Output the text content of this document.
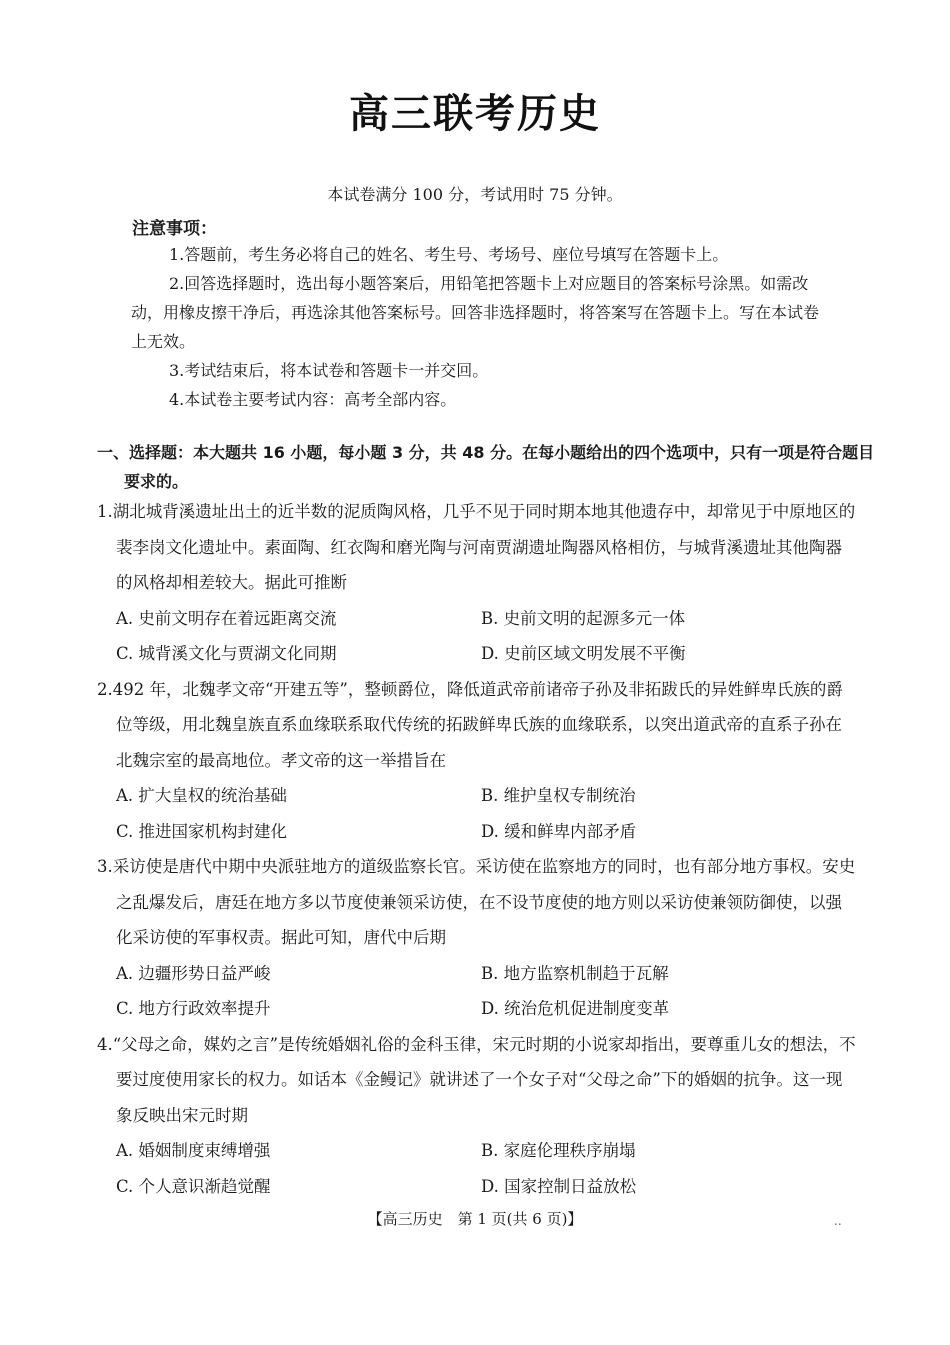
高三联考历史
本试卷满分 100 分，考试用时 75 分钟。
注意事项：
1.答题前，考生务必将自己的姓名、考生号、考场号、座位号填写在答题卡上。
2.回答选择题时，选出每小题答案后，用铅笔把答题卡上对应题目的答案标号涂黑。如需改动，用橡皮擦干净后，再选涂其他答案标号。回答非选择题时，将答案写在答题卡上。写在本试卷上无效。
3.考试结束后，将本试卷和答题卡一并交回。
4.本试卷主要考试内容：高考全部内容。
一、选择题：本大题共 16 小题，每小题 3 分，共 48 分。在每小题给出的四个选项中，只有一项是符合题目要求的。
1.湖北城背溪遗址出土的近半数的泥质陶风格，几乎不见于同时期本地其他遗存中，却常见于中原地区的裴李岗文化遗址中。素面陶、红衣陶和磨光陶与河南贾湖遗址陶器风格相仿，与城背溪遗址其他陶器的风格却相差较大。据此可推断
A. 史前文明存在着远距离交流	B. 史前文明的起源多元一体
C. 城背溪文化与贾湖文化同期	D. 史前区域文明发展不平衡
2.492 年，北魏孝文帝“开建五等”，整顿爵位，降低道武帝前诸帝子孙及非拓跋氏的异姓鲜卑氏族的爵位等级，用北魏皇族直系血缘联系取代传统的拓跋鲜卑氏族的血缘联系，以突出道武帝的直系子孙在北魏宗室的最高地位。孝文帝的这一举措旨在
A. 扩大皇权的统治基础	B. 维护皇权专制统治
C. 推进国家机构封建化	D. 缓和鲜卑内部矛盾
3.采访使是唐代中期中央派驻地方的道级监察长官。采访使在监察地方的同时，也有部分地方事权。安史之乱爆发后，唐廷在地方多以节度使兼领采访使，在不设节度使的地方则以采访使兼领防御使，以强化采访使的军事权责。据此可知，唐代中后期
A. 边疆形势日益严峻	B. 地方监察机制趋于瓦解
C. 地方行政效率提升	D. 统治危机促进制度变革
4.“父母之命，媒妁之言”是传统婚姻礼俗的金科玉律，宋元时期的小说家却指出，要尊重儿女的想法，不要过度使用家长的权力。如话本《金鳗记》就讲述了一个女子对“父母之命”下的婚姻的抗争。这一现象反映出宋元时期
A. 婚姻制度束缚增强	B. 家庭伦理秩序崩塌
C. 个人意识渐趋觉醒	D. 国家控制日益放松
【高三历史　第 1 页(共 6 页)】	..
